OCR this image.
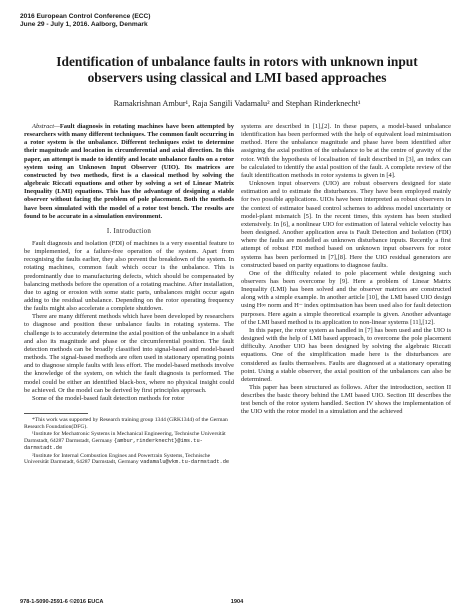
2016 European Control Conference (ECC)
June 29 - July 1, 2016. Aalborg, Denmark
Identification of unbalance faults in rotors with unknown input observers using classical and LMI based approaches
Ramakrishnan Ambur¹, Raja Sangili Vadamalu² and Stephan Rinderknecht¹

Abstract—Fault diagnosis in rotating machines have been attempted by researchers with many different techniques. The common fault occurring in a rotor system is the unbalance. Different techniques exist to determine their magnitude and location in circumferential and axial direction. In this paper, an attempt is made to identify and locate unbalance faults on a rotor system using an Unknown Input Observer (UIO). Its matrices are constructed by two methods, first is a classical method by solving the algebraic Riccati equations and other by solving a set of Linear Matrix Inequality (LMI) equations. This has the advantage of designing a stable observer without facing the problem of pole placement. Both the methods have been simulated with the model of a rotor test bench. The results are found to be accurate in a simulation environment.

I. Introduction

Fault diagnosis and isolation (FDI) of machines is a very essential feature to be implemented, for a failure-free operation of the system. Apart from recognising the faults earlier, they also prevent the breakdown of the system. In rotating machines, common fault which occur is the unbalance. This is predominantly due to manufacturing defects, which should be compensated by balancing methods before the operation of a rotating machine. After installation, due to aging or erosion with some static parts, unbalances might occur again adding to the residual unbalance. Depending on the rotor operating frequency the faults might also accelerate a complete shutdown.

There are many different methods which have been developed by researchers to diagnose and position these unbalance faults in rotating systems. The challenge is to accurately determine the axial position of the unbalance in a shaft and also its magnitude and phase or the circumferential position. The fault detection methods can be broadly classified into signal-based and model-based methods. The signal-based methods are often used in stationary operating points and to diagnose simple faults with less effort. The model-based methods involve the knowledge of the system, on which the fault diagnosis is performed. The model could be either an identified black-box, where no physical insight could be achieved. Or the model can be derived by first principles approach.

Some of the model-based fault detection methods for rotor

*This work was supported by Research training group 1344 (GRK1344) of the German Research Foundation(DFG).

¹Institute for Mechatronic Systems in Mechanical Engineering, Technische Universität Darmstadt, 64287 Darmstadt, Germany {ambur,rinderknecht}@ims.tu-darmstadt.de

²Institute for Internal Combustion Engines and Powertrain Systems, Technische Universität Darmstadt, 64287 Darmstadt, Germany vadamalu@vkm.tu-darmstadt.de

systems are described in [1],[2]. In these papers, a model-based unbalance identification has been performed with the help of equivalent load minimisation method. Here the unbalance magnitude and phase have been identified after assigning the axial position of the unbalance to be at the centre of gravity of the rotor. With the hypothesis of localisation of fault described in [3], an index can be calculated to identify the axial position of the fault. A complete review of the fault identification methods in rotor systems is given in [4].

Unknown input observers (UIO) are robust observers designed for state estimation and to estimate the disturbances. They have been employed mainly for two possible applications. UIOs have been interpreted as robust observers in the context of estimator based control schemes to address model uncertainty or model-plant mismatch [5]. In the recent times, this system has been studied extensively. In [6], a nonlinear UIO for estimation of lateral vehicle velocity has been designed. Another application area is Fault Detection and Isolation (FDI) where the faults are modelled as unknown disturbance inputs. Recently a first attempt of robust FDI method based on unknown input observers for rotor systems has been performed in [7],[8]. Here the UIO residual generators are constructed based on parity equations to diagnose faults.

One of the difficulty related to pole placement while designing such observers has been overcome by [9]. Here a problem of Linear Matrix Inequality (LMI) has been solved and the observer matrices are constructed along with a simple example. In another article [10], the LMI based UIO design using H∞ norm and H− index optimisation has been used also for fault detection purposes. Here again a simple theoretical example is given. Another advantage of the LMI based method is its application to non-linear systems [11],[12].

In this paper, the rotor system as handled in [7] has been used and the UIO is designed with the help of LMI based approach, to overcome the pole placement difficulty. Another UIO has been designed by solving the algebraic Riccati equations. One of the simplification made here is the disturbances are considered as faults themselves. Faults are diagnosed at a stationary operating point. Using a stable observer, the axial position of the unbalances can also be determined.

This paper has been structured as follows. After the introduction, section II describes the basic theory behind the LMI based UIO. Section III describes the test bench of the rotor system handled. Section IV shows the implementation of the UIO with the rotor model in a simulation and the achieved

978-1-5090-2591-6 ©2016 EUCA	1904
